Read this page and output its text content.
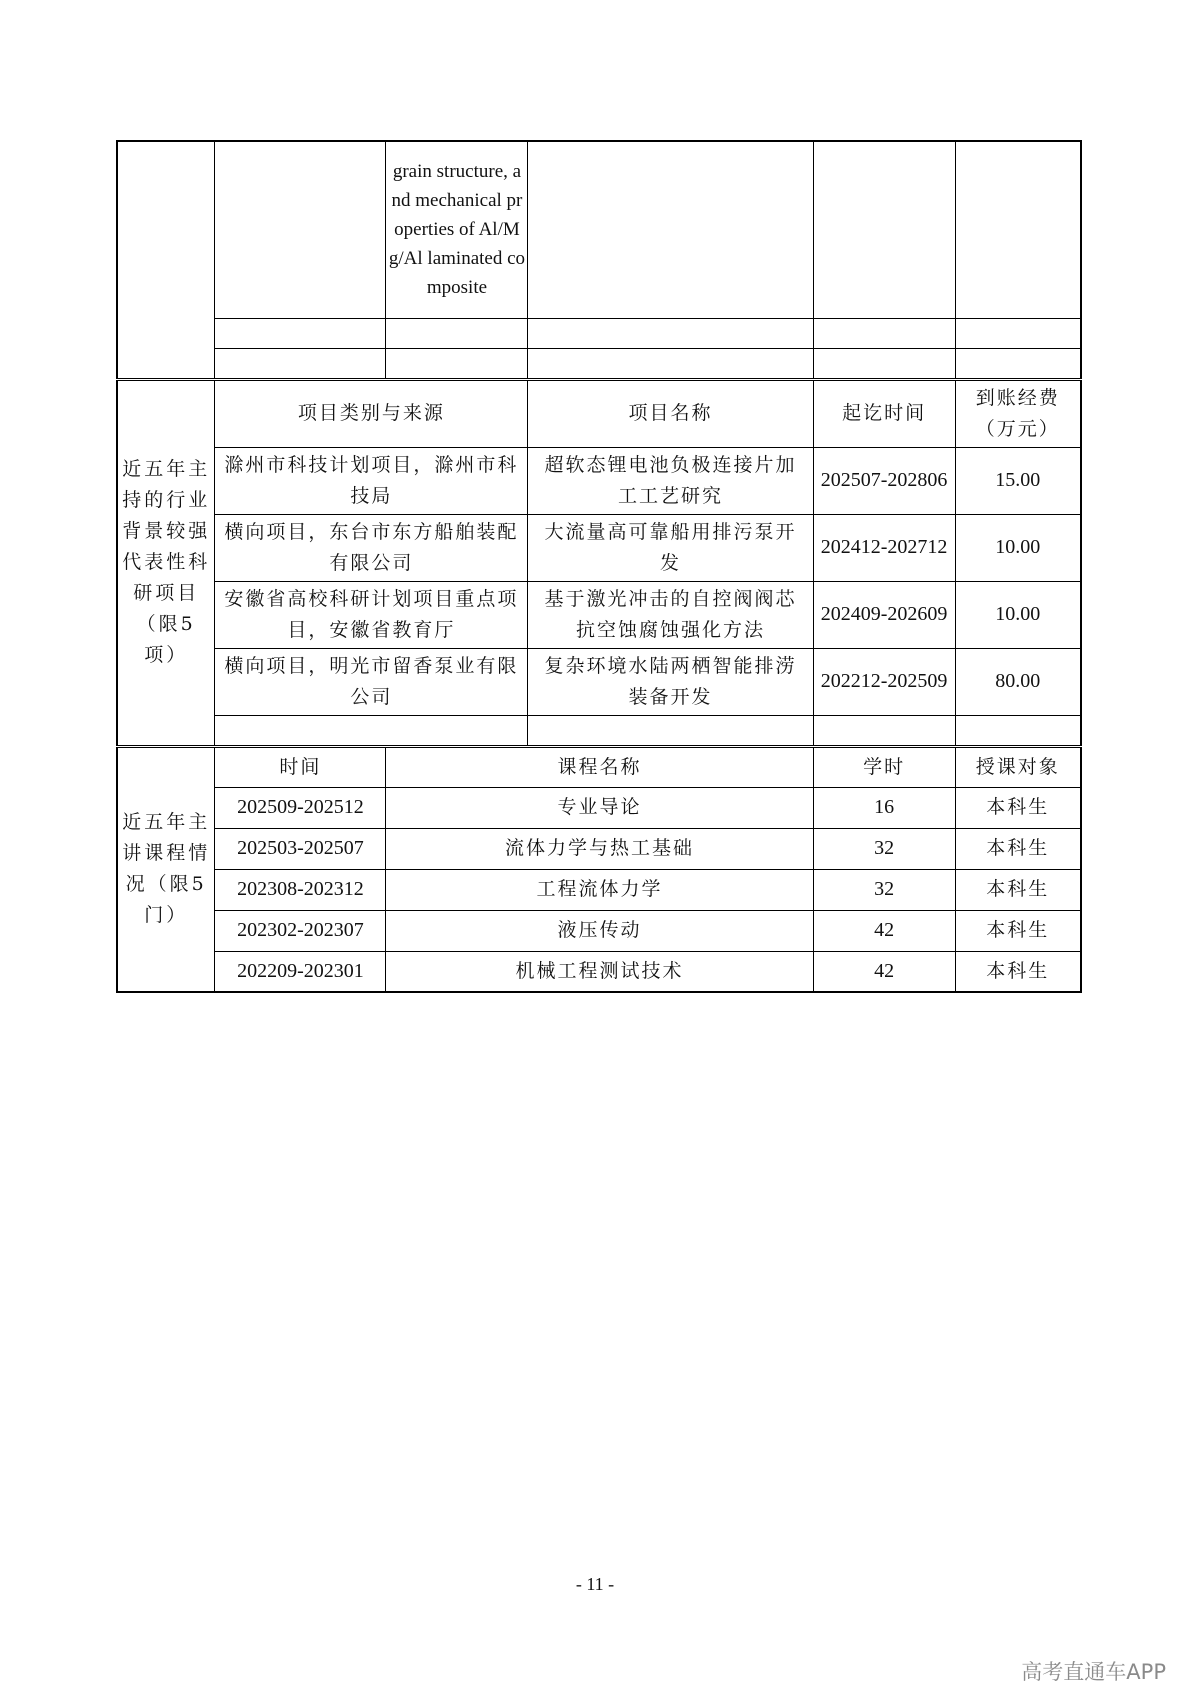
		grain structure, and mechanical properties of Al/Mg/Al laminated composite			

近五年主持的行业背景较强代表性科研项目（限5项）	项目类别与来源		项目名称	起讫时间	到账经费（万元）
	滁州市科技计划项目，滁州市科技局		超软态锂电池负极连接片加工工艺研究	202507-202806	15.00
	横向项目，东台市东方船舶装配有限公司		大流量高可靠船用排污泵开发	202412-202712	10.00
	安徽省高校科研计划项目重点项目，安徽省教育厅		基于激光冲击的自控阀阀芯抗空蚀腐蚀强化方法	202409-202609	10.00
	横向项目，明光市留香泵业有限公司		复杂环境水陆两栖智能排涝装备开发	202212-202509	80.00

近五年主讲课程情况（限5门）	时间	课程名称		学时	授课对象
	202509-202512	专业导论		16	本科生
	202503-202507	流体力学与热工基础		32	本科生
	202308-202312	工程流体力学		32	本科生
	202302-202307	液压传动		42	本科生
	202209-202301	机械工程测试技术		42	本科生
- 11 -
高考直通车APP
